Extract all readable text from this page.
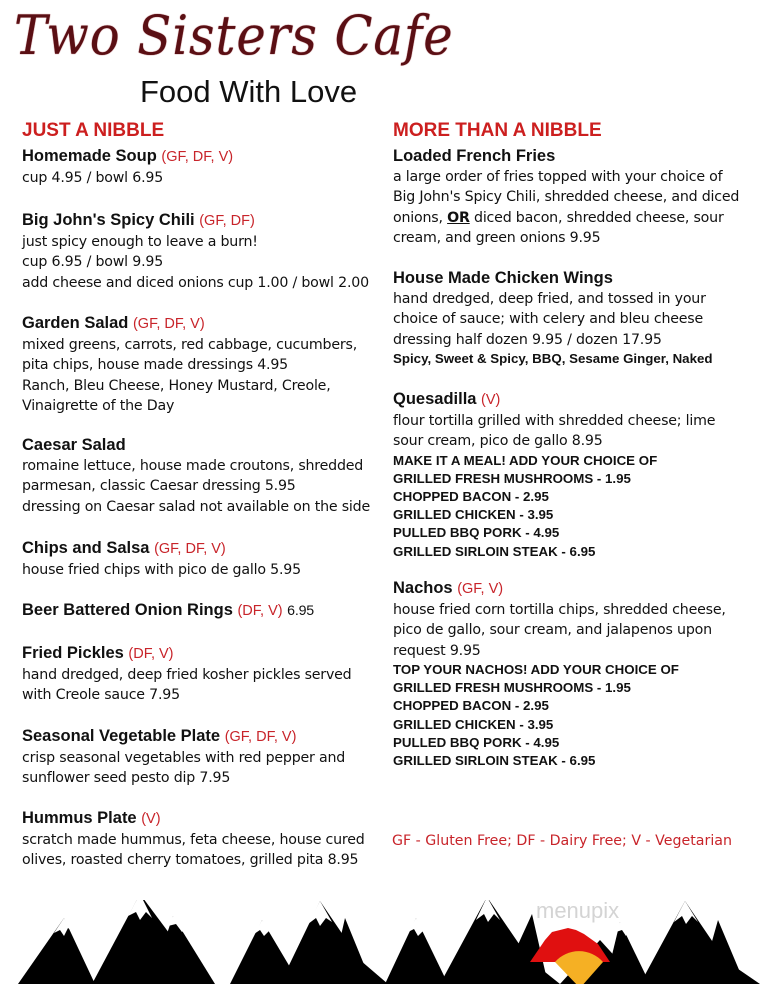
Two Sisters Cafe
Food With Love
JUST A NIBBLE	MORE THAN A NIBBLE
Homemade Soup (GF, DF, V)
cup 4.95 / bowl 6.95
Big John's Spicy Chili (GF, DF)
just spicy enough to leave a burn!
cup 6.95 / bowl 9.95
add cheese and diced onions cup 1.00 / bowl 2.00
Garden Salad (GF, DF, V)
mixed greens, carrots, red cabbage, cucumbers,
pita chips, house made dressings 4.95
Ranch, Bleu Cheese, Honey Mustard, Creole,
Vinaigrette of the Day
Caesar Salad
romaine lettuce, house made croutons, shredded
parmesan, classic Caesar dressing 5.95
dressing on Caesar salad not available on the side
Chips and Salsa (GF, DF, V)
house fried chips with pico de gallo 5.95
Beer Battered Onion Rings (DF, V) 6.95
Fried Pickles (DF, V)
hand dredged, deep fried kosher pickles served
with Creole sauce 7.95
Seasonal Vegetable Plate (GF, DF, V)
crisp seasonal vegetables with red pepper and
sunflower seed pesto dip 7.95
Hummus Plate (V)
scratch made hummus, feta cheese, house cured
olives, roasted cherry tomatoes, grilled pita 8.95
Loaded French Fries
a large order of fries topped with your choice of
Big John's Spicy Chili, shredded cheese, and diced
onions, OR diced bacon, shredded cheese, sour
cream, and green onions 9.95
House Made Chicken Wings
hand dredged, deep fried, and tossed in your
choice of sauce; with celery and bleu cheese
dressing half dozen 9.95 / dozen 17.95
Spicy, Sweet & Spicy, BBQ, Sesame Ginger, Naked
Quesadilla (V)
flour tortilla grilled with shredded cheese; lime
sour cream, pico de gallo 8.95
MAKE IT A MEAL! ADD YOUR CHOICE OF
GRILLED FRESH MUSHROOMS - 1.95
CHOPPED BACON - 2.95
GRILLED CHICKEN - 3.95
PULLED BBQ PORK - 4.95
GRILLED SIRLOIN STEAK - 6.95
Nachos (GF, V)
house fried corn tortilla chips, shredded cheese,
pico de gallo, sour cream, and jalapenos upon
request 9.95
TOP YOUR NACHOS! ADD YOUR CHOICE OF
GRILLED FRESH MUSHROOMS - 1.95
CHOPPED BACON - 2.95
GRILLED CHICKEN - 3.95
PULLED BBQ PORK - 4.95
GRILLED SIRLOIN STEAK - 6.95
GF - Gluten Free; DF - Dairy Free; V - Vegetarian
menupix
